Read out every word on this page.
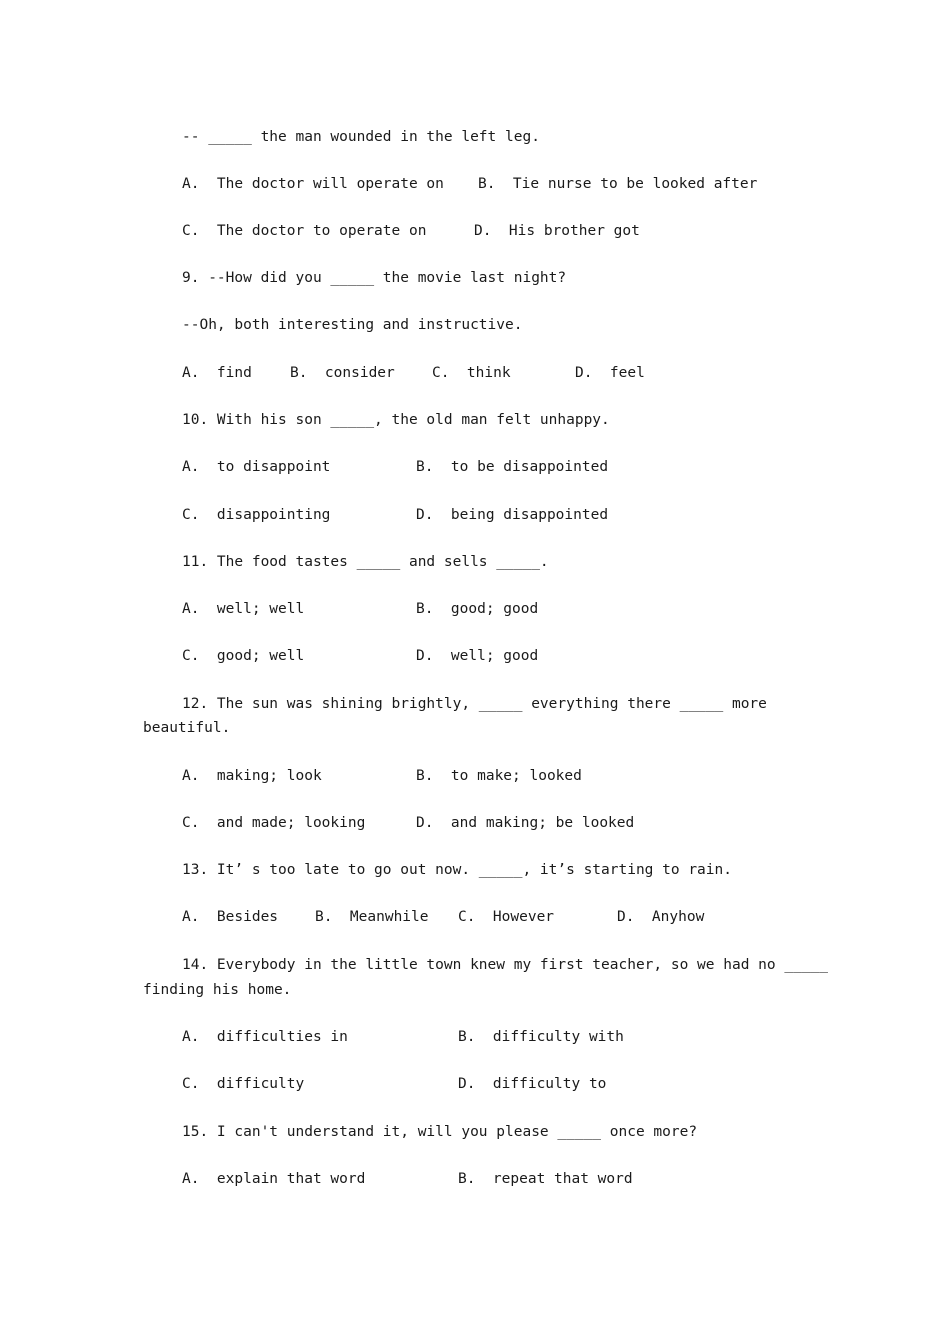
-- _____ the man wounded in the left leg.
A.  The doctor will operate on B.  Tie nurse to be looked after
C.  The doctor to operate on	D.  His brother got
9. --How did you _____ the movie last night?
--Oh, both interesting and instructive.
A.  find	B.  consider	C.  think	D.  feel
10. With his son _____, the old man felt unhappy.
A.  to disappoint	B.  to be disappointed
C.  disappointing	D.  being disappointed
11. The food tastes _____ and sells _____.
A.  well; well	B.  good; good
C.  good; well	D.  well; good
12. The sun was shining brightly, _____ everything there _____ more
beautiful.
A.  making; look	B.  to make; looked
C.  and made; looking	D.  and making; be looked
13. It’ s too late to go out now. _____, it’s starting to rain.
A.  Besides	B.  Meanwhile C.  However	D.  Anyhow
14. Everybody in the little town knew my first teacher, so we had no _____
finding his home.
A.  difficulties in	B.  difficulty with
C.  difficulty	D.  difficulty to
15. I can't understand it, will you please _____ once more?
A.  explain that word	B.  repeat that word
